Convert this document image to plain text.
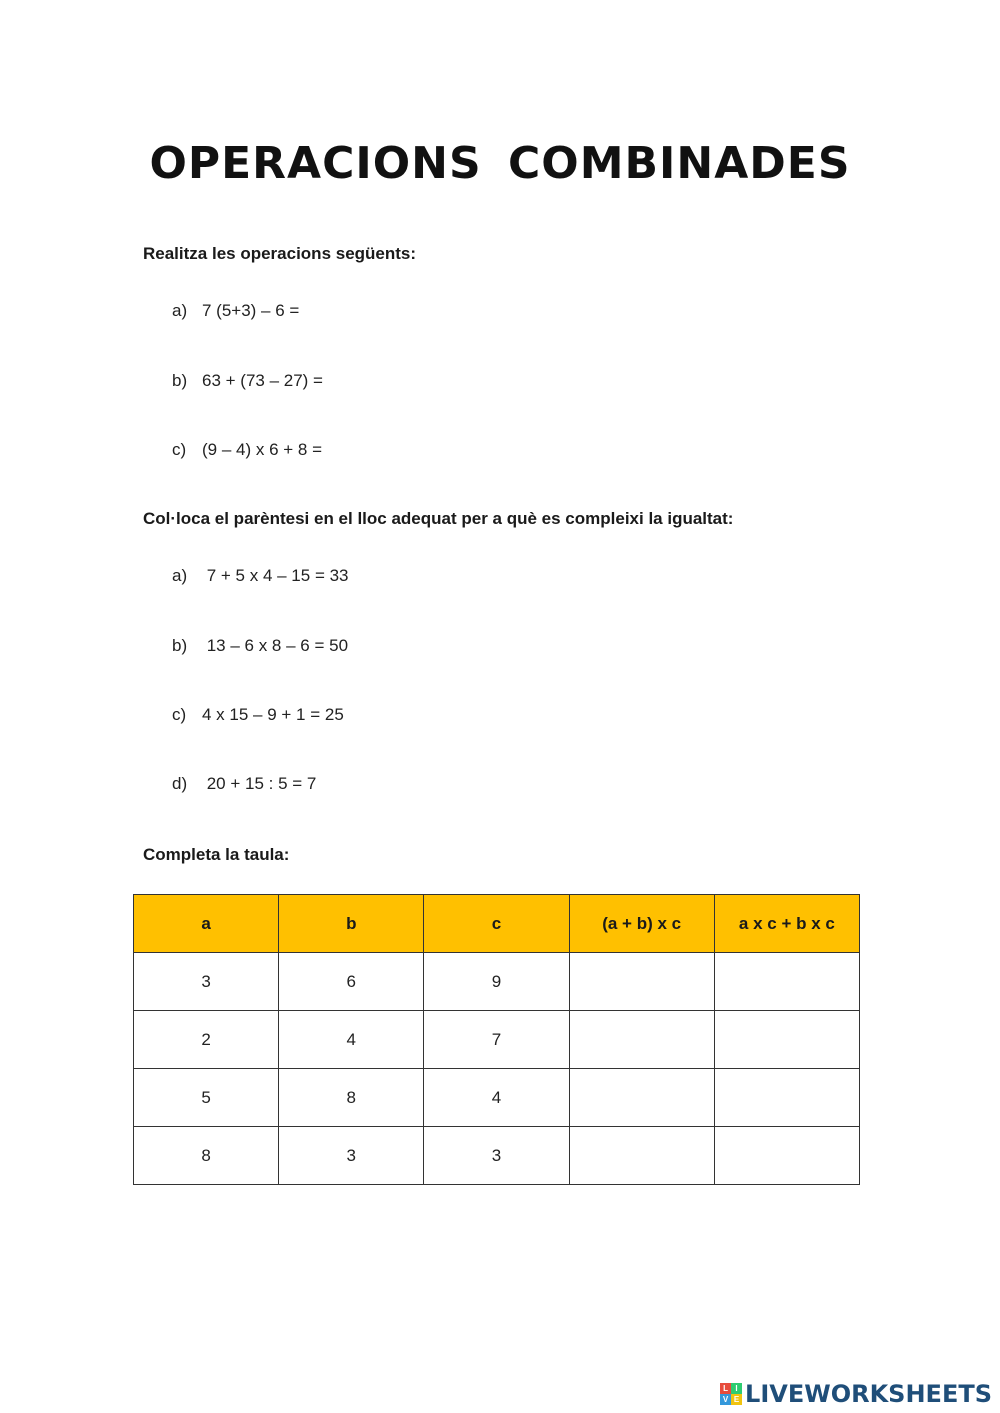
OPERACIONS COMBINADES
Realitza les operacions següents:
a) 7 (5+3) – 6 =
b) 63 + (73 – 27) =
c) (9 – 4) x 6 + 8 =
Col·loca el parèntesi en el lloc adequat per a què es compleixi la igualtat:
a) 7 + 5 x 4 – 15 = 33
b) 13 – 6 x 8 – 6 = 50
c) 4 x 15 – 9 + 1 = 25
d) 20 + 15 : 5 = 7
Completa la taula:
a	b	c	(a + b) x c	a x c + b x c
3	6	9		
2	4	7		
5	8	4		
8	3	3		
L I
V E LIVEWORKSHEETS
